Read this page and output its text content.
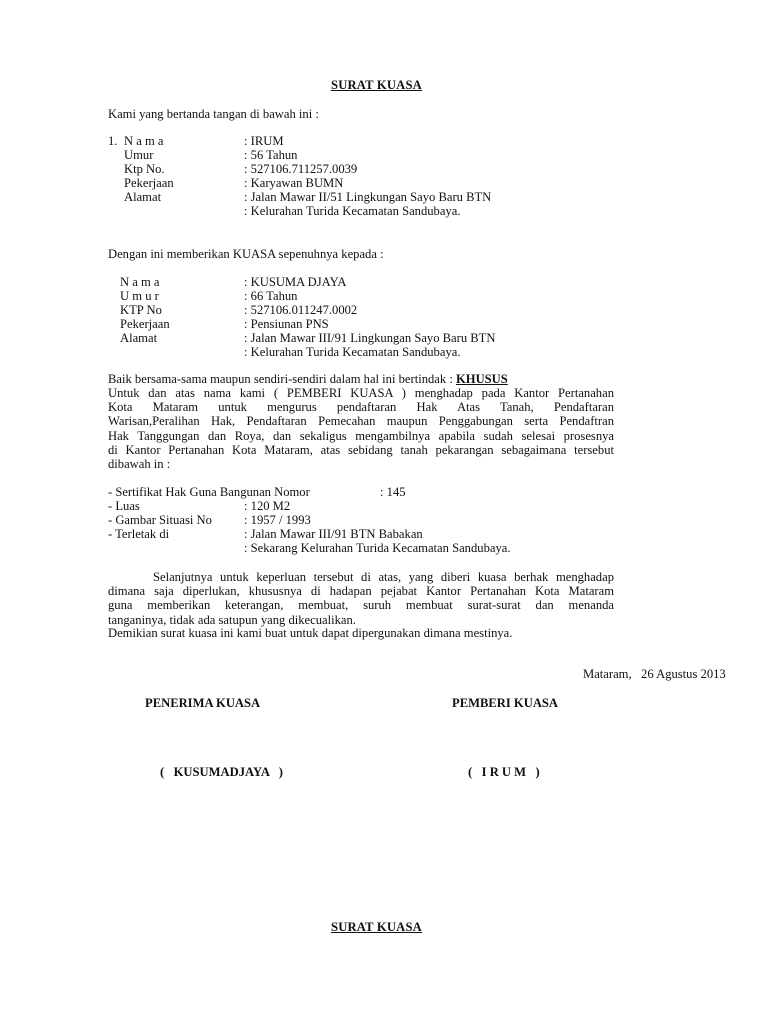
SURAT KUASA
Kami yang bertanda tangan di bawah ini :
1. N a m a	: IRUM
Umur	: 56 Tahun
Ktp No.	: 527106.711257.0039
Pekerjaan	: Karyawan BUMN
Alamat	: Jalan Mawar II/51 Lingkungan Sayo Baru BTN
: Kelurahan Turida Kecamatan Sandubaya.
Dengan ini memberikan KUASA sepenuhnya kepada :
N a m a	: KUSUMA DJAYA
U m u r	: 66 Tahun
KTP No	: 527106.011247.0002
Pekerjaan	: Pensiunan PNS
Alamat	: Jalan Mawar III/91 Lingkungan Sayo Baru BTN
: Kelurahan Turida Kecamatan Sandubaya.
Baik bersama-sama maupun sendiri-sendiri dalam hal ini bertindak : KHUSUS
Untuk dan atas nama kami ( PEMBERI KUASA ) menghadap pada Kantor Pertanahan
Kota Mataram untuk mengurus pendaftaran Hak Atas Tanah, Pendaftaran
Warisan,Peralihan Hak, Pendaftaran Pemecahan maupun Penggabungan serta Pendaftran
Hak Tanggungan dan Roya, dan sekaligus mengambilnya apabila sudah selesai prosesnya
di Kantor Pertanahan Kota Mataram, atas sebidang tanah pekarangan sebagaimana tersebut
dibawah in :
- Sertifikat Hak Guna Bangunan Nomor	: 145
- Luas	: 120 M2
- Gambar Situasi No	: 1957 / 1993
- Terletak di	: Jalan Mawar III/91 BTN Babakan
: Sekarang Kelurahan Turida Kecamatan Sandubaya.
Selanjutnya untuk keperluan tersebut di atas, yang diberi kuasa berhak menghadap
dimana saja diperlukan, khususnya di hadapan pejabat Kantor Pertanahan Kota Mataram
guna memberikan keterangan, membuat, suruh membuat surat-surat dan menanda
tanganinya, tidak ada satupun yang dikecualikan.
Demikian surat kuasa ini kami buat untuk dapat dipergunakan dimana mestinya.
Mataram,   26 Agustus 2013
PENERIMA KUASA	PEMBERI KUASA
(   KUSUMADJAYA   )	(   I R U M   )
SURAT KUASA
